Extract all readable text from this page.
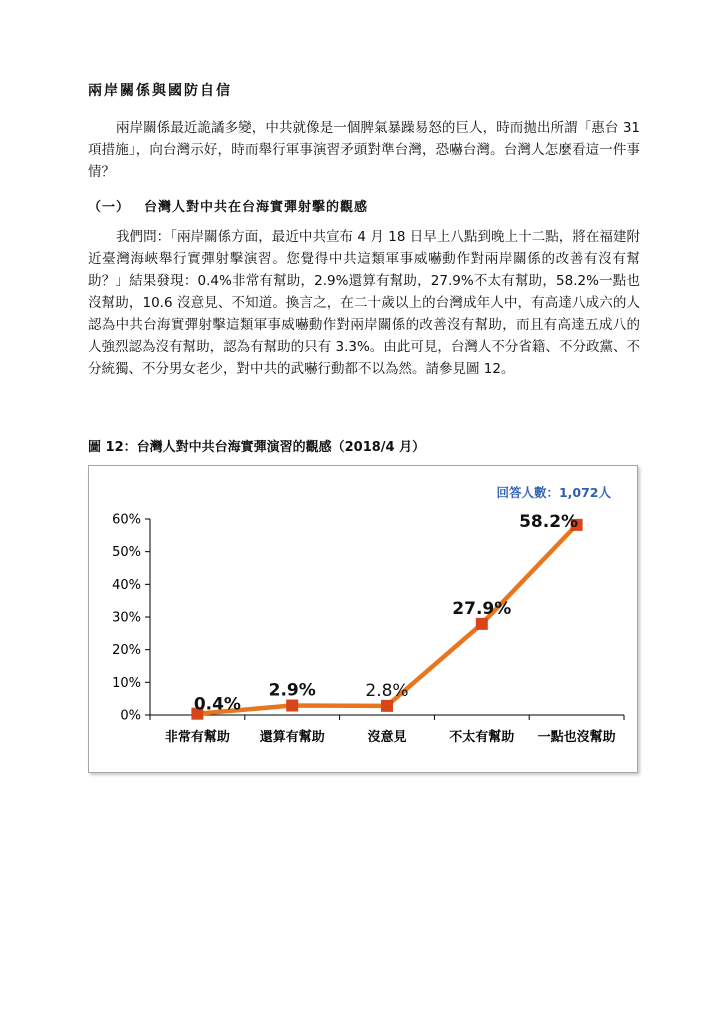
兩岸關係與國防自信
兩岸關係最近詭譎多變，中共就像是一個脾氣暴躁易怒的巨人，時而拋出所謂「惠台 31 項措施」，向台灣示好，時而舉行軍事演習矛頭對準台灣，恐嚇台灣。台灣人怎麼看這一件事情？
（一） 台灣人對中共在台海實彈射擊的觀感
我們問：「兩岸關係方面，最近中共宣布 4 月 18 日早上八點到晚上十二點，將在福建附近臺灣海峽舉行實彈射擊演習。您覺得中共這類軍事威嚇動作對兩岸關係的改善有沒有幫助？」結果發現：0.4%非常有幫助，2.9%還算有幫助，27.9%不太有幫助，58.2%一點也沒幫助，10.6 沒意見、不知道。換言之，在二十歲以上的台灣成年人中，有高達八成六的人認為中共台海實彈射擊這類軍事威嚇動作對兩岸關係的改善沒有幫助，而且有高達五成八的人強烈認為沒有幫助，認為有幫助的只有 3.3%。由此可見，台灣人不分省籍、不分政黨、不分統獨、不分男女老少，對中共的武嚇行動都不以為然。請參見圖 12。
圖 12：台灣人對中共台海實彈演習的觀感（2018/4 月）
0%
10%
20%
30%
40%
50%
60%
非常有幫助 還算有幫助	沒意見	不太有幫助 一點也沒幫助
0.4%
2.9%	2.8%
27.9%
58.2%
回答人數：1,072人
